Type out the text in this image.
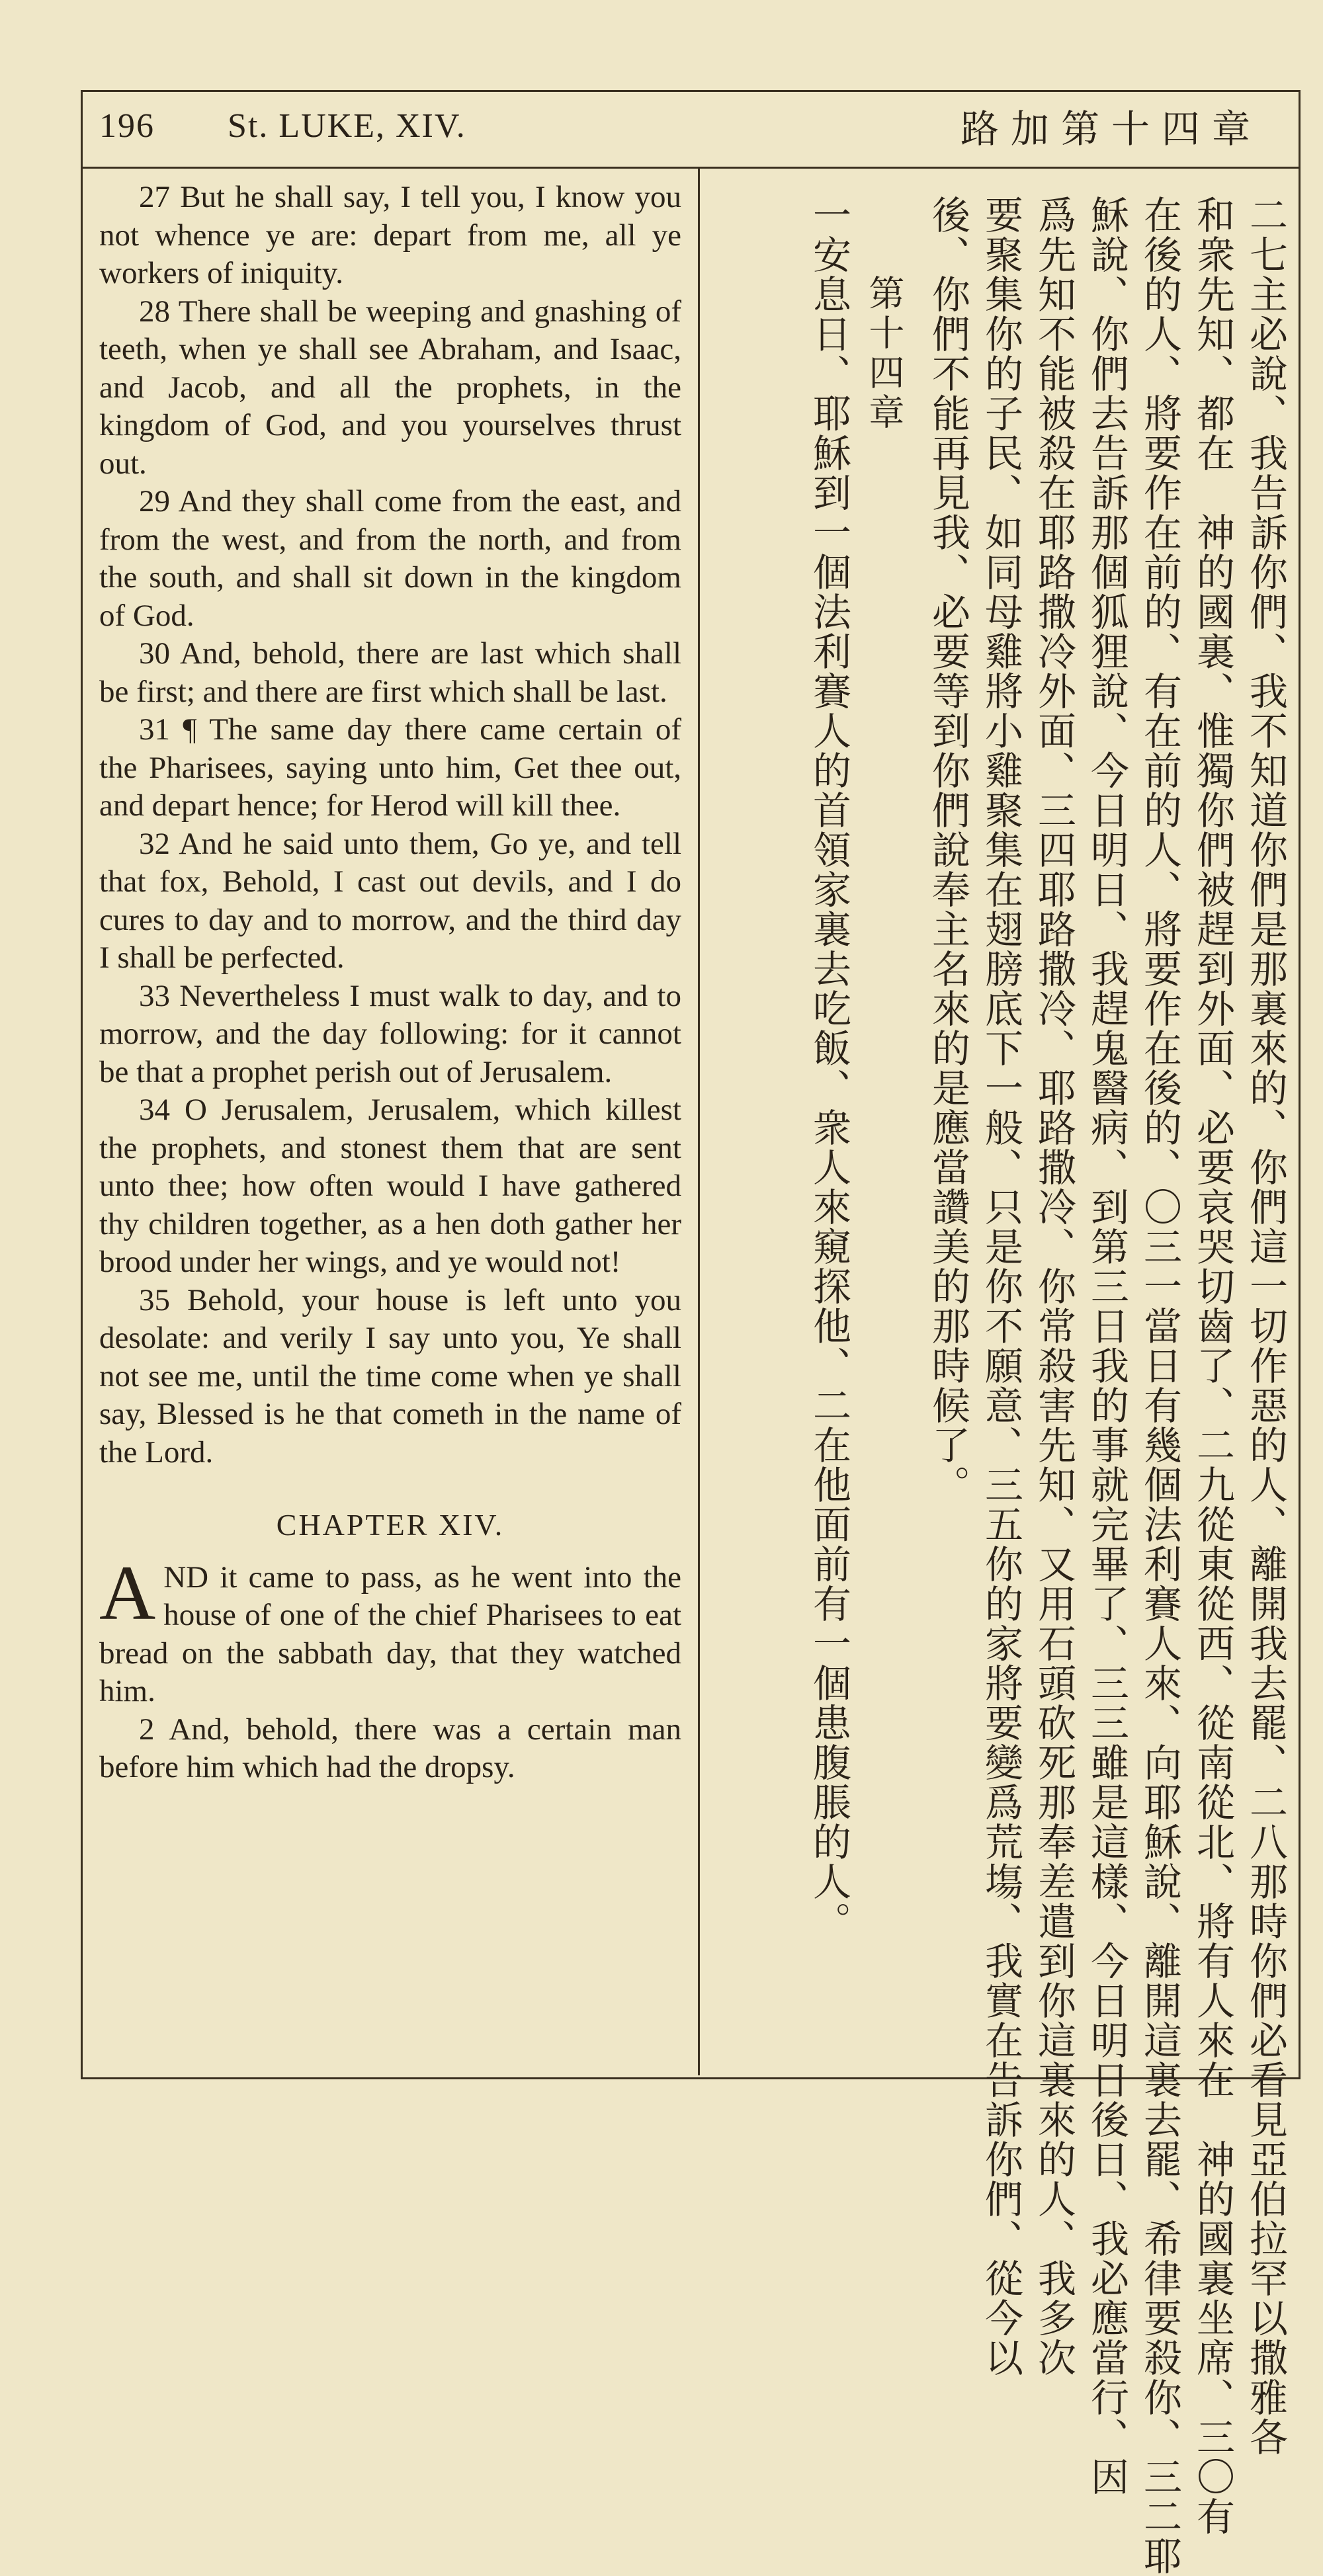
196 St. LUKE, XIV.	路加第十四章

27 But he shall say, I tell you, I know you not whence ye are: depart from me, all ye workers of iniquity.

28 There shall be weeping and gnashing of teeth, when ye shall see Abraham, and Isaac, and Jacob, and all the prophets, in the kingdom of God, and you yourselves thrust out.

29 And they shall come from the east, and from the west, and from the north, and from the south, and shall sit down in the kingdom of God.

30 And, behold, there are last which shall be first; and there are first which shall be last.

31 ¶ The same day there came certain of the Pharisees, saying unto him, Get thee out, and depart hence; for Herod will kill thee.

32 And he said unto them, Go ye, and tell that fox, Behold, I cast out devils, and I do cures to day and to morrow, and the third day I shall be perfected.

33 Nevertheless I must walk to day, and to morrow, and the day following: for it cannot be that a prophet perish out of Jerusalem.

34 O Jerusalem, Jerusalem, which killest the prophets, and stonest them that are sent unto thee; how often would I have gathered thy children together, as a hen doth gather her brood under her wings, and ye would not!

35 Behold, your house is left unto you desolate: and verily I say unto you, Ye shall not see me, until the time come when ye shall say, Blessed is he that cometh in the name of the Lord.

CHAPTER XIV.

AND it came to pass, as he went into the house of one of the chief Pharisees to eat bread on the sabbath day, that they watched him.

2 And, behold, there was a certain man before him which had the dropsy.	二七主必說、我告訴你們、我不知道你們是那裏來的、你們這一切作惡的人、離開我去罷、二八那時你們必看見亞伯拉罕以撒雅各
和衆先知、都在　神的國裏、惟獨你們被趕到外面、必要哀哭切齒了、二九從東從西、從南從北、將有人來在　神的國裏坐席、三〇有
在後的人、將要作在前的、有在前的人、將要作在後的、〇三一當日有幾個法利賽人來、向耶穌說、離開這裏去罷、希律要殺你、三二耶
穌說、你們去告訴那個狐狸說、今日明日、我趕鬼醫病、到第三日我的事就完畢了、三三雖是這樣、今日明日後日、我必應當行、因
爲先知不能被殺在耶路撒冷外面、三四耶路撒冷、耶路撒冷、你常殺害先知、又用石頭砍死那奉差遣到你這裏來的人、我多次
要聚集你的子民、如同母雞將小雞聚集在翅膀底下一般、只是你不願意、三五你的家將要變爲荒塲、我實在告訴你們、從今以
後、你們不能再見我、必要等到你們說奉主名來的是應當讚美的那時候了。
第十四章
一安息日、耶穌到一個法利賽人的首領家裏去吃飯、衆人來窺探他、二在他面前有一個患腹脹的人。
